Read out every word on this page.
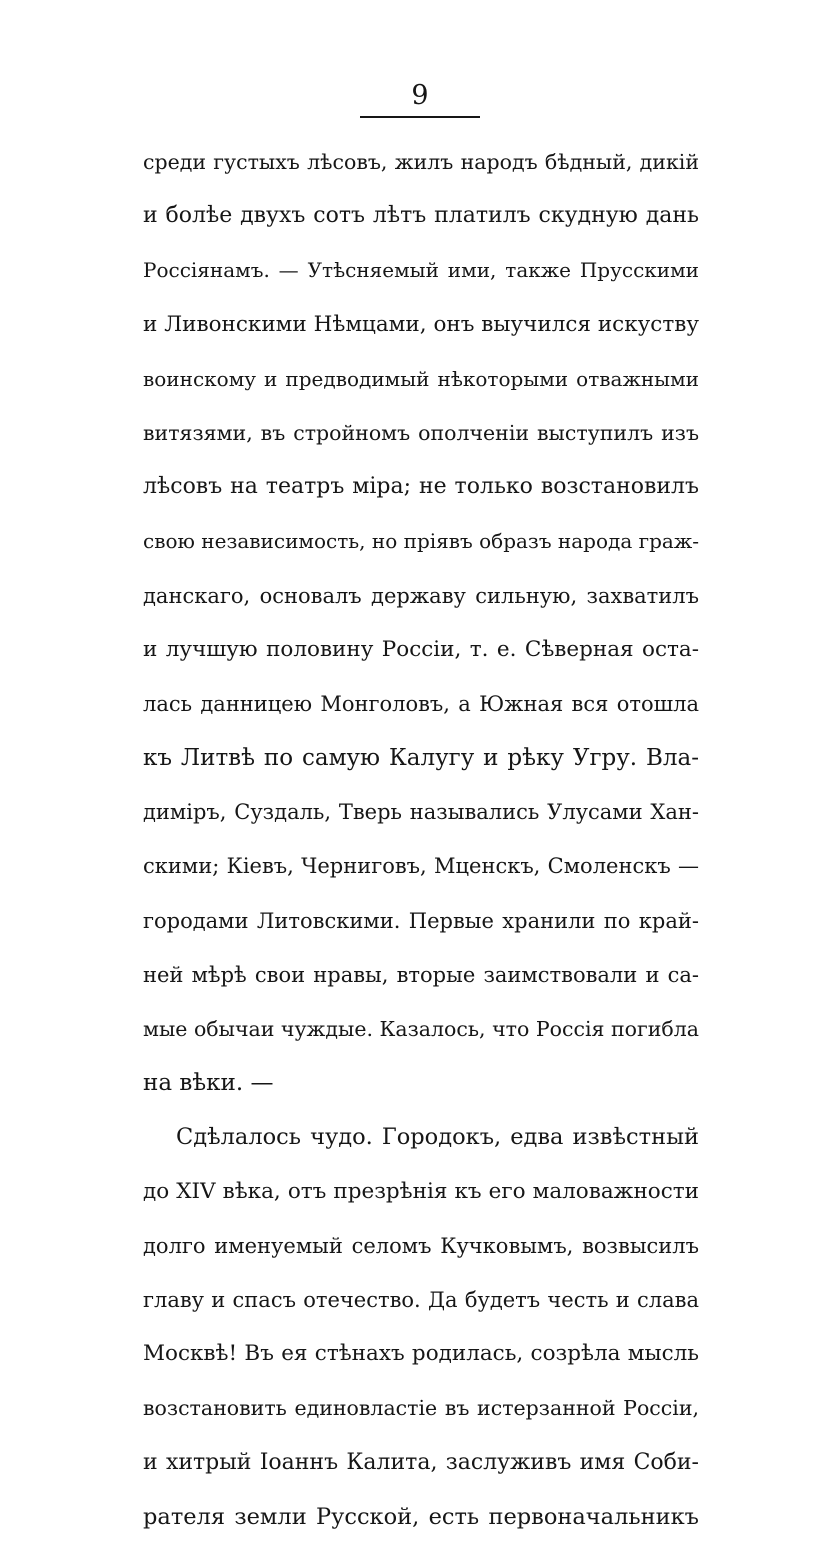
9
среди густыхъ лѣсовъ, жилъ народъ бѣдный, дикій
и болѣе двухъ сотъ лѣтъ платилъ скудную дань
Россіянамъ. — Утѣсняемый ими, также Прусскими
и Ливонскими Нѣмцами, онъ выучился искуству
воинскому и предводимый нѣкоторыми отважными
витязями, въ стройномъ ополченіи выступилъ изъ
лѣсовъ на театръ міра; не только возстановилъ
свою независимость, но прiявъ образъ народа граж-
данскаго, основалъ державу сильную, захватилъ
и лучшую половину Россіи, т. е. Сѣверная оста-
лась данницею Монголовъ, а Южная вся отошла
къ Литвѣ по самую Калугу и рѣку Угру. Вла-
диміръ, Суздаль, Тверь назывались Улусами Хан-
скими; Кіевъ, Черниговъ, Мценскъ, Смоленскъ —
городами Литовскими. Первые хранили по край-
ней мѣрѣ свои нравы, вторые заимствовали и са-
мые обычаи чуждые. Казалось, что Россія погибла
на вѣки. —
Сдѣлалось чудо. Городокъ, едва извѣстный
до XIV вѣка, отъ презрѣнія къ его маловажности
долго именуемый селомъ Кучковымъ, возвысилъ
главу и спасъ отечество. Да будетъ честь и слава
Москвѣ! Въ ея стѣнахъ родилась, созрѣла мысль
возстановить единовластіе въ истерзанной Россіи,
и хитрый Іоаннъ Калита, заслуживъ имя Соби-
рателя земли Русской, есть первоначальникъ
